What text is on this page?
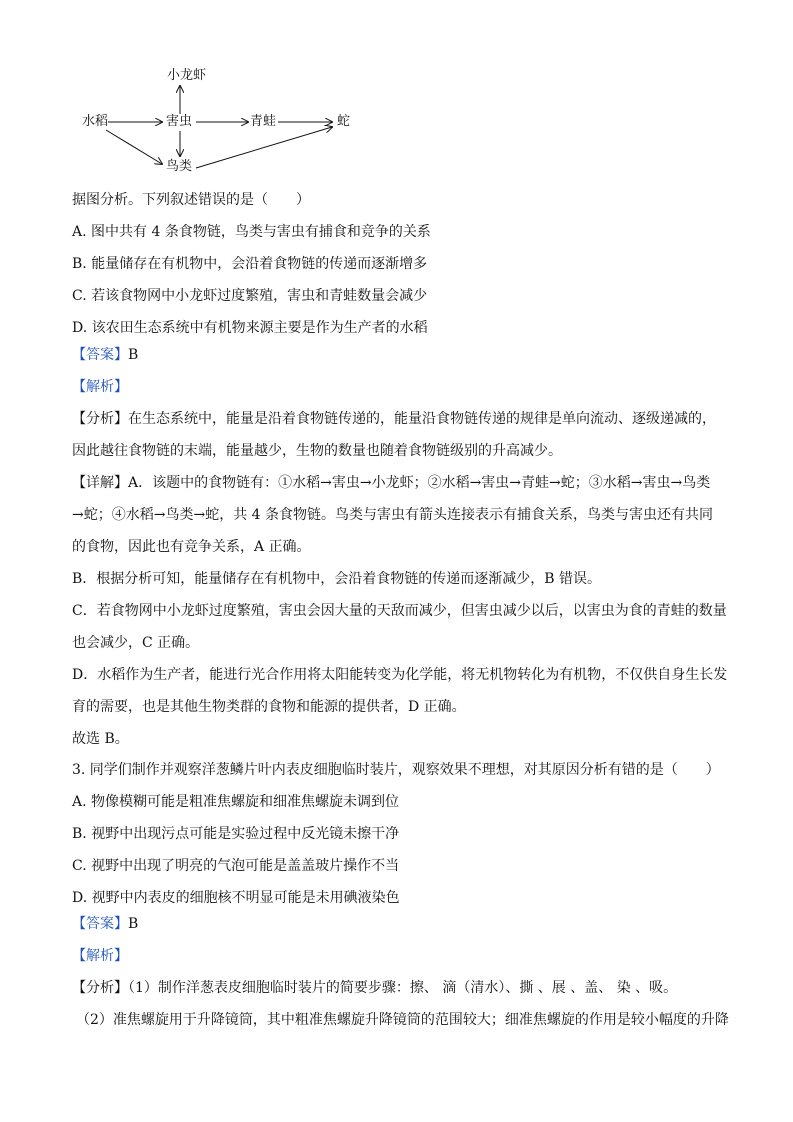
小龙虾
水稻	害虫	青蛙	蛇
鸟类
据图分析。下列叙述错误的是（　　）
A. 图中共有 4 条食物链，鸟类与害虫有捕食和竞争的关系
B. 能量储存在有机物中，会沿着食物链的传递而逐渐增多
C. 若该食物网中小龙虾过度繁殖，害虫和青蛙数量会减少
D. 该农田生态系统中有机物来源主要是作为生产者的水稻
【答案】B
【解析】
【分析】在生态系统中，能量是沿着食物链传递的，能量沿食物链传递的规律是单向流动、逐级递减的，
因此越往食物链的末端，能量越少，生物的数量也随着食物链级别的升高减少。
【详解】A．该题中的食物链有：①水稻→害虫→小龙虾；②水稻→害虫→青蛙→蛇；③水稻→害虫→鸟类
→蛇；④水稻→鸟类→蛇，共 4 条食物链。鸟类与害虫有箭头连接表示有捕食关系，鸟类与害虫还有共同
的食物，因此也有竞争关系，A 正确。
B．根据分析可知，能量储存在有机物中，会沿着食物链的传递而逐渐减少，B 错误。
C．若食物网中小龙虾过度繁殖，害虫会因大量的天敌而减少，但害虫减少以后，以害虫为食的青蛙的数量
也会减少，C 正确。
D．水稻作为生产者，能进行光合作用将太阳能转变为化学能，将无机物转化为有机物，不仅供自身生长发
育的需要，也是其他生物类群的食物和能源的提供者，D 正确。
故选 B。
3. 同学们制作并观察洋葱鳞片叶内表皮细胞临时装片，观察效果不理想，对其原因分析有错的是（　　）
A. 物像模糊可能是粗准焦螺旋和细准焦螺旋未调到位
B. 视野中出现污点可能是实验过程中反光镜未擦干净
C. 视野中出现了明亮的气泡可能是盖盖玻片操作不当
D. 视野中内表皮的细胞核不明显可能是未用碘液染色
【答案】B
【解析】
【分析】（1）制作洋葱表皮细胞临时装片的简要步骤：擦、 滴（清水）、撕 、展 、盖、 染 、吸。
（2）准焦螺旋用于升降镜筒，其中粗准焦螺旋升降镜筒的范围较大；细准焦螺旋的作用是较小幅度的升降
